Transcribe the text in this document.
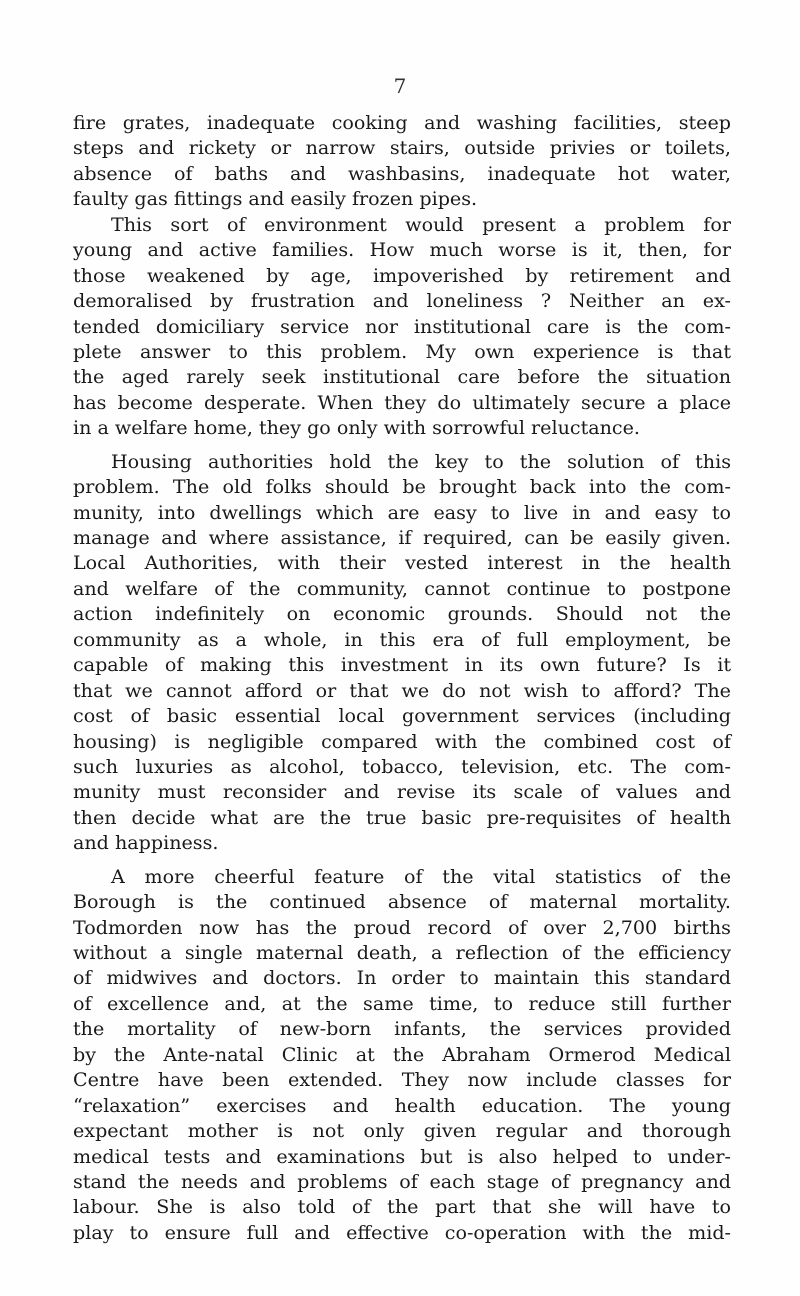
7
fire grates, inadequate cooking and washing facilities, steep
steps and rickety or narrow stairs, outside privies or toilets,
absence of baths and washbasins, inadequate hot water,
faulty gas fittings and easily frozen pipes.
This sort of environment would present a problem for
young and active families. How much worse is it, then, for
those weakened by age, impoverished by retirement and
demoralised by frustration and loneliness ? Neither an ex-
tended domiciliary service nor institutional care is the com-
plete answer to this problem. My own experience is that
the aged rarely seek institutional care before the situation
has become desperate. When they do ultimately secure a place
in a welfare home, they go only with sorrowful reluctance.
Housing authorities hold the key to the solution of this
problem. The old folks should be brought back into the com-
munity, into dwellings which are easy to live in and easy to
manage and where assistance, if required, can be easily given.
Local Authorities, with their vested interest in the health
and welfare of the community, cannot continue to postpone
action indefinitely on economic grounds. Should not the
community as a whole, in this era of full employment, be
capable of making this investment in its own future? Is it
that we cannot afford or that we do not wish to afford? The
cost of basic essential local government services (including
housing) is negligible compared with the combined cost of
such luxuries as alcohol, tobacco, television, etc. The com-
munity must reconsider and revise its scale of values and
then decide what are the true basic pre-requisites of health
and happiness.
A more cheerful feature of the vital statistics of the
Borough is the continued absence of maternal mortality.
Todmorden now has the proud record of over 2,700 births
without a single maternal death, a reflection of the efficiency
of midwives and doctors. In order to maintain this standard
of excellence and, at the same time, to reduce still further
the mortality of new-born infants, the services provided
by the Ante-natal Clinic at the Abraham Ormerod Medical
Centre have been extended. They now include classes for
“relaxation” exercises and health education. The young
expectant mother is not only given regular and thorough
medical tests and examinations but is also helped to under-
stand the needs and problems of each stage of pregnancy and
labour. She is also told of the part that she will have to
play to ensure full and effective co-operation with the mid-
